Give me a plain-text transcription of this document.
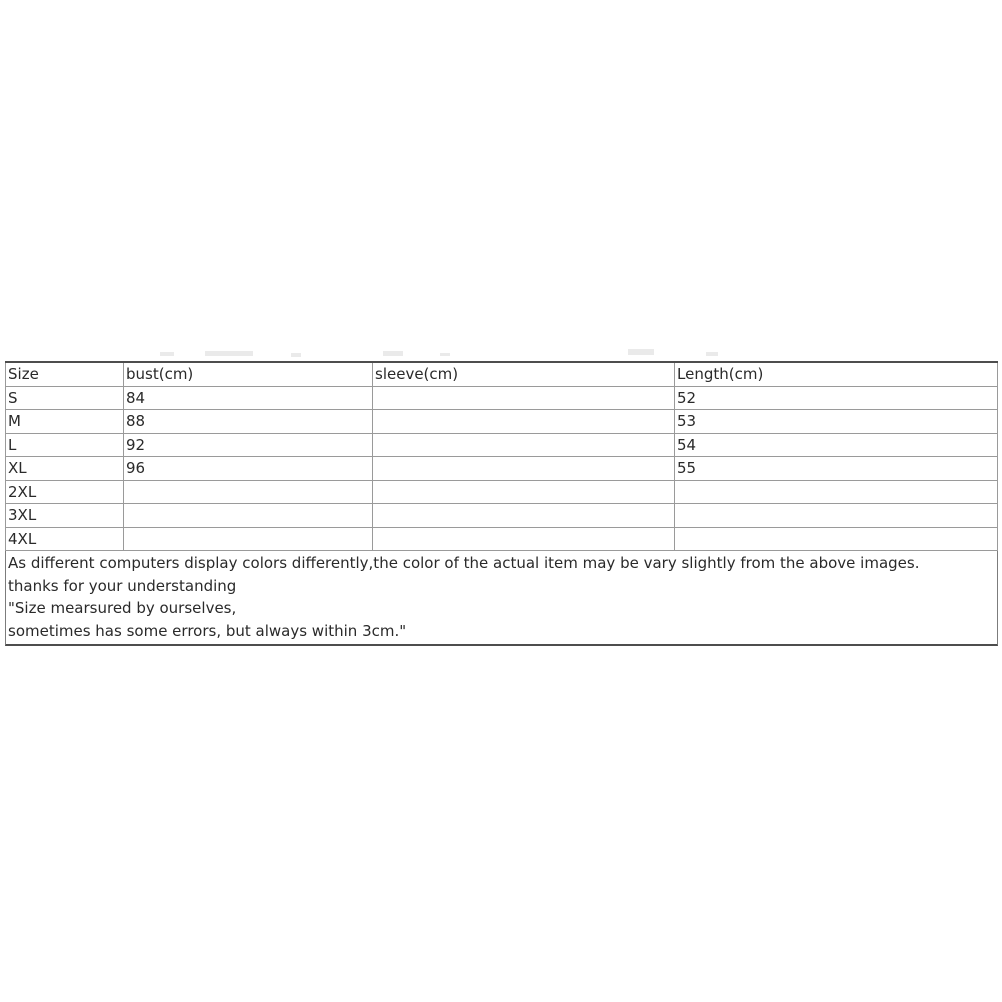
Size	bust(cm)	sleeve(cm)	Length(cm)
S	84		52
M	88		53
L	92		54
XL	96		55
2XL			
3XL			
4XL			
As different computers display colors differently,the color of the actual item may be vary slightly from the above images.
thanks for your understanding
"Size mearsured by ourselves,
sometimes has some errors, but always within 3cm."
